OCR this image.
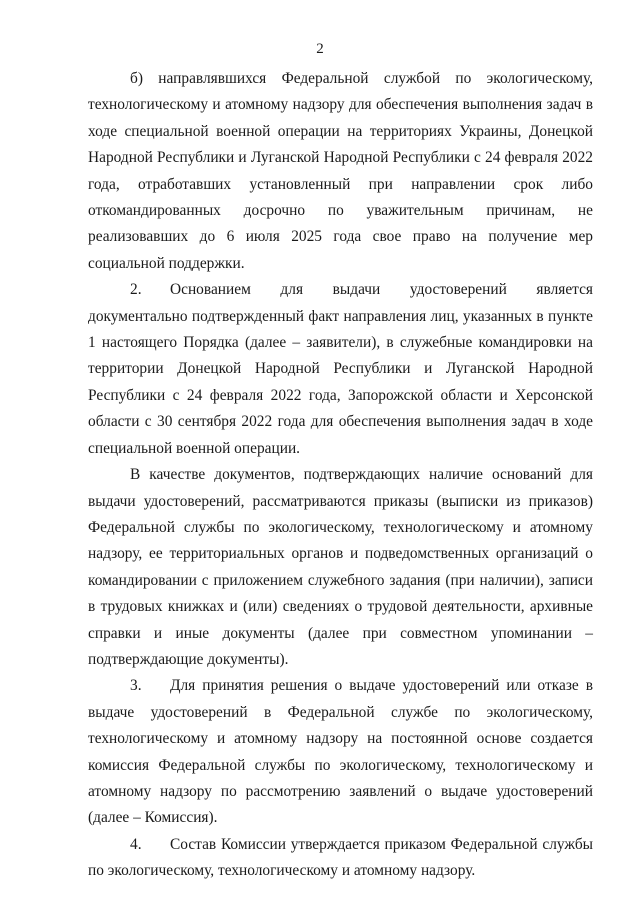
2

б) направлявшихся Федеральной службой по экологическому, технологическому и атомному надзору для обеспечения выполнения задач в ходе специальной военной операции на территориях Украины, Донецкой Народной Республики и Луганской Народной Республики с 24 февраля 2022 года, отработавших установленный при направлении срок либо откомандированных досрочно по уважительным причинам, не реализовавших до 6 июля 2025 года свое право на получение мер социальной поддержки.

2. Основанием для выдачи удостоверений является документально подтвержденный факт направления лиц, указанных в пункте 1 настоящего Порядка (далее – заявители), в служебные командировки на территории Донецкой Народной Республики и Луганской Народной Республики с 24 февраля 2022 года, Запорожской области и Херсонской области с 30 сентября 2022 года для обеспечения выполнения задач в ходе специальной военной операции.

В качестве документов, подтверждающих наличие оснований для выдачи удостоверений, рассматриваются приказы (выписки из приказов) Федеральной службы по экологическому, технологическому и атомному надзору, ее территориальных органов и подведомственных организаций о командировании с приложением служебного задания (при наличии), записи в трудовых книжках и (или) сведениях о трудовой деятельности, архивные справки и иные документы (далее при совместном упоминании – подтверждающие документы).

3. Для принятия решения о выдаче удостоверений или отказе в выдаче удостоверений в Федеральной службе по экологическому, технологическому и атомному надзору на постоянной основе создается комиссия Федеральной службы по экологическому, технологическому и атомному надзору по рассмотрению заявлений о выдаче удостоверений (далее – Комиссия).

4. Состав Комиссии утверждается приказом Федеральной службы по экологическому, технологическому и атомному надзору.
